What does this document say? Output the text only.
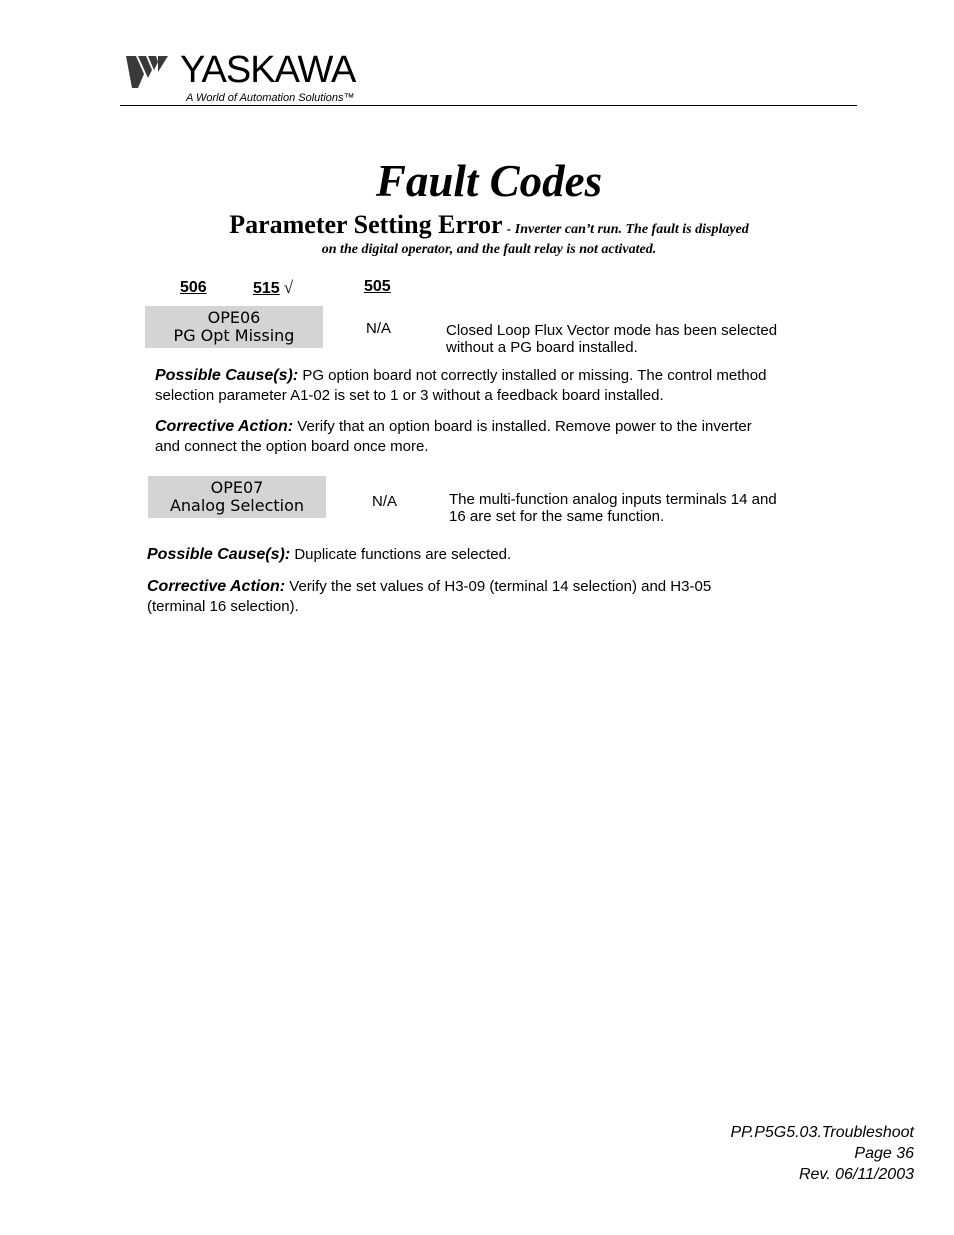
YASKAWA
A World of Automation Solutions™
Fault Codes
Parameter Setting Error - Inverter can’t run. The fault is displayed
on the digital operator, and the fault relay is not activated.
506	515 √	505
OPE06
PG Opt Missing	N/A	Closed Loop Flux Vector mode has been selected
without a PG board installed.
Possible Cause(s): PG option board not correctly installed or missing. The control method
selection parameter A1-02 is set to 1 or 3 without a feedback board installed.
Corrective Action: Verify that an option board is installed. Remove power to the inverter
and connect the option board once more.
OPE07
Analog Selection	N/A	The multi-function analog inputs terminals 14 and
16 are set for the same function.
Possible Cause(s): Duplicate functions are selected.
Corrective Action: Verify the set values of H3-09 (terminal 14 selection) and H3-05
(terminal 16 selection).
PP.P5G5.03.Troubleshoot
Page 36
Rev. 06/11/2003
